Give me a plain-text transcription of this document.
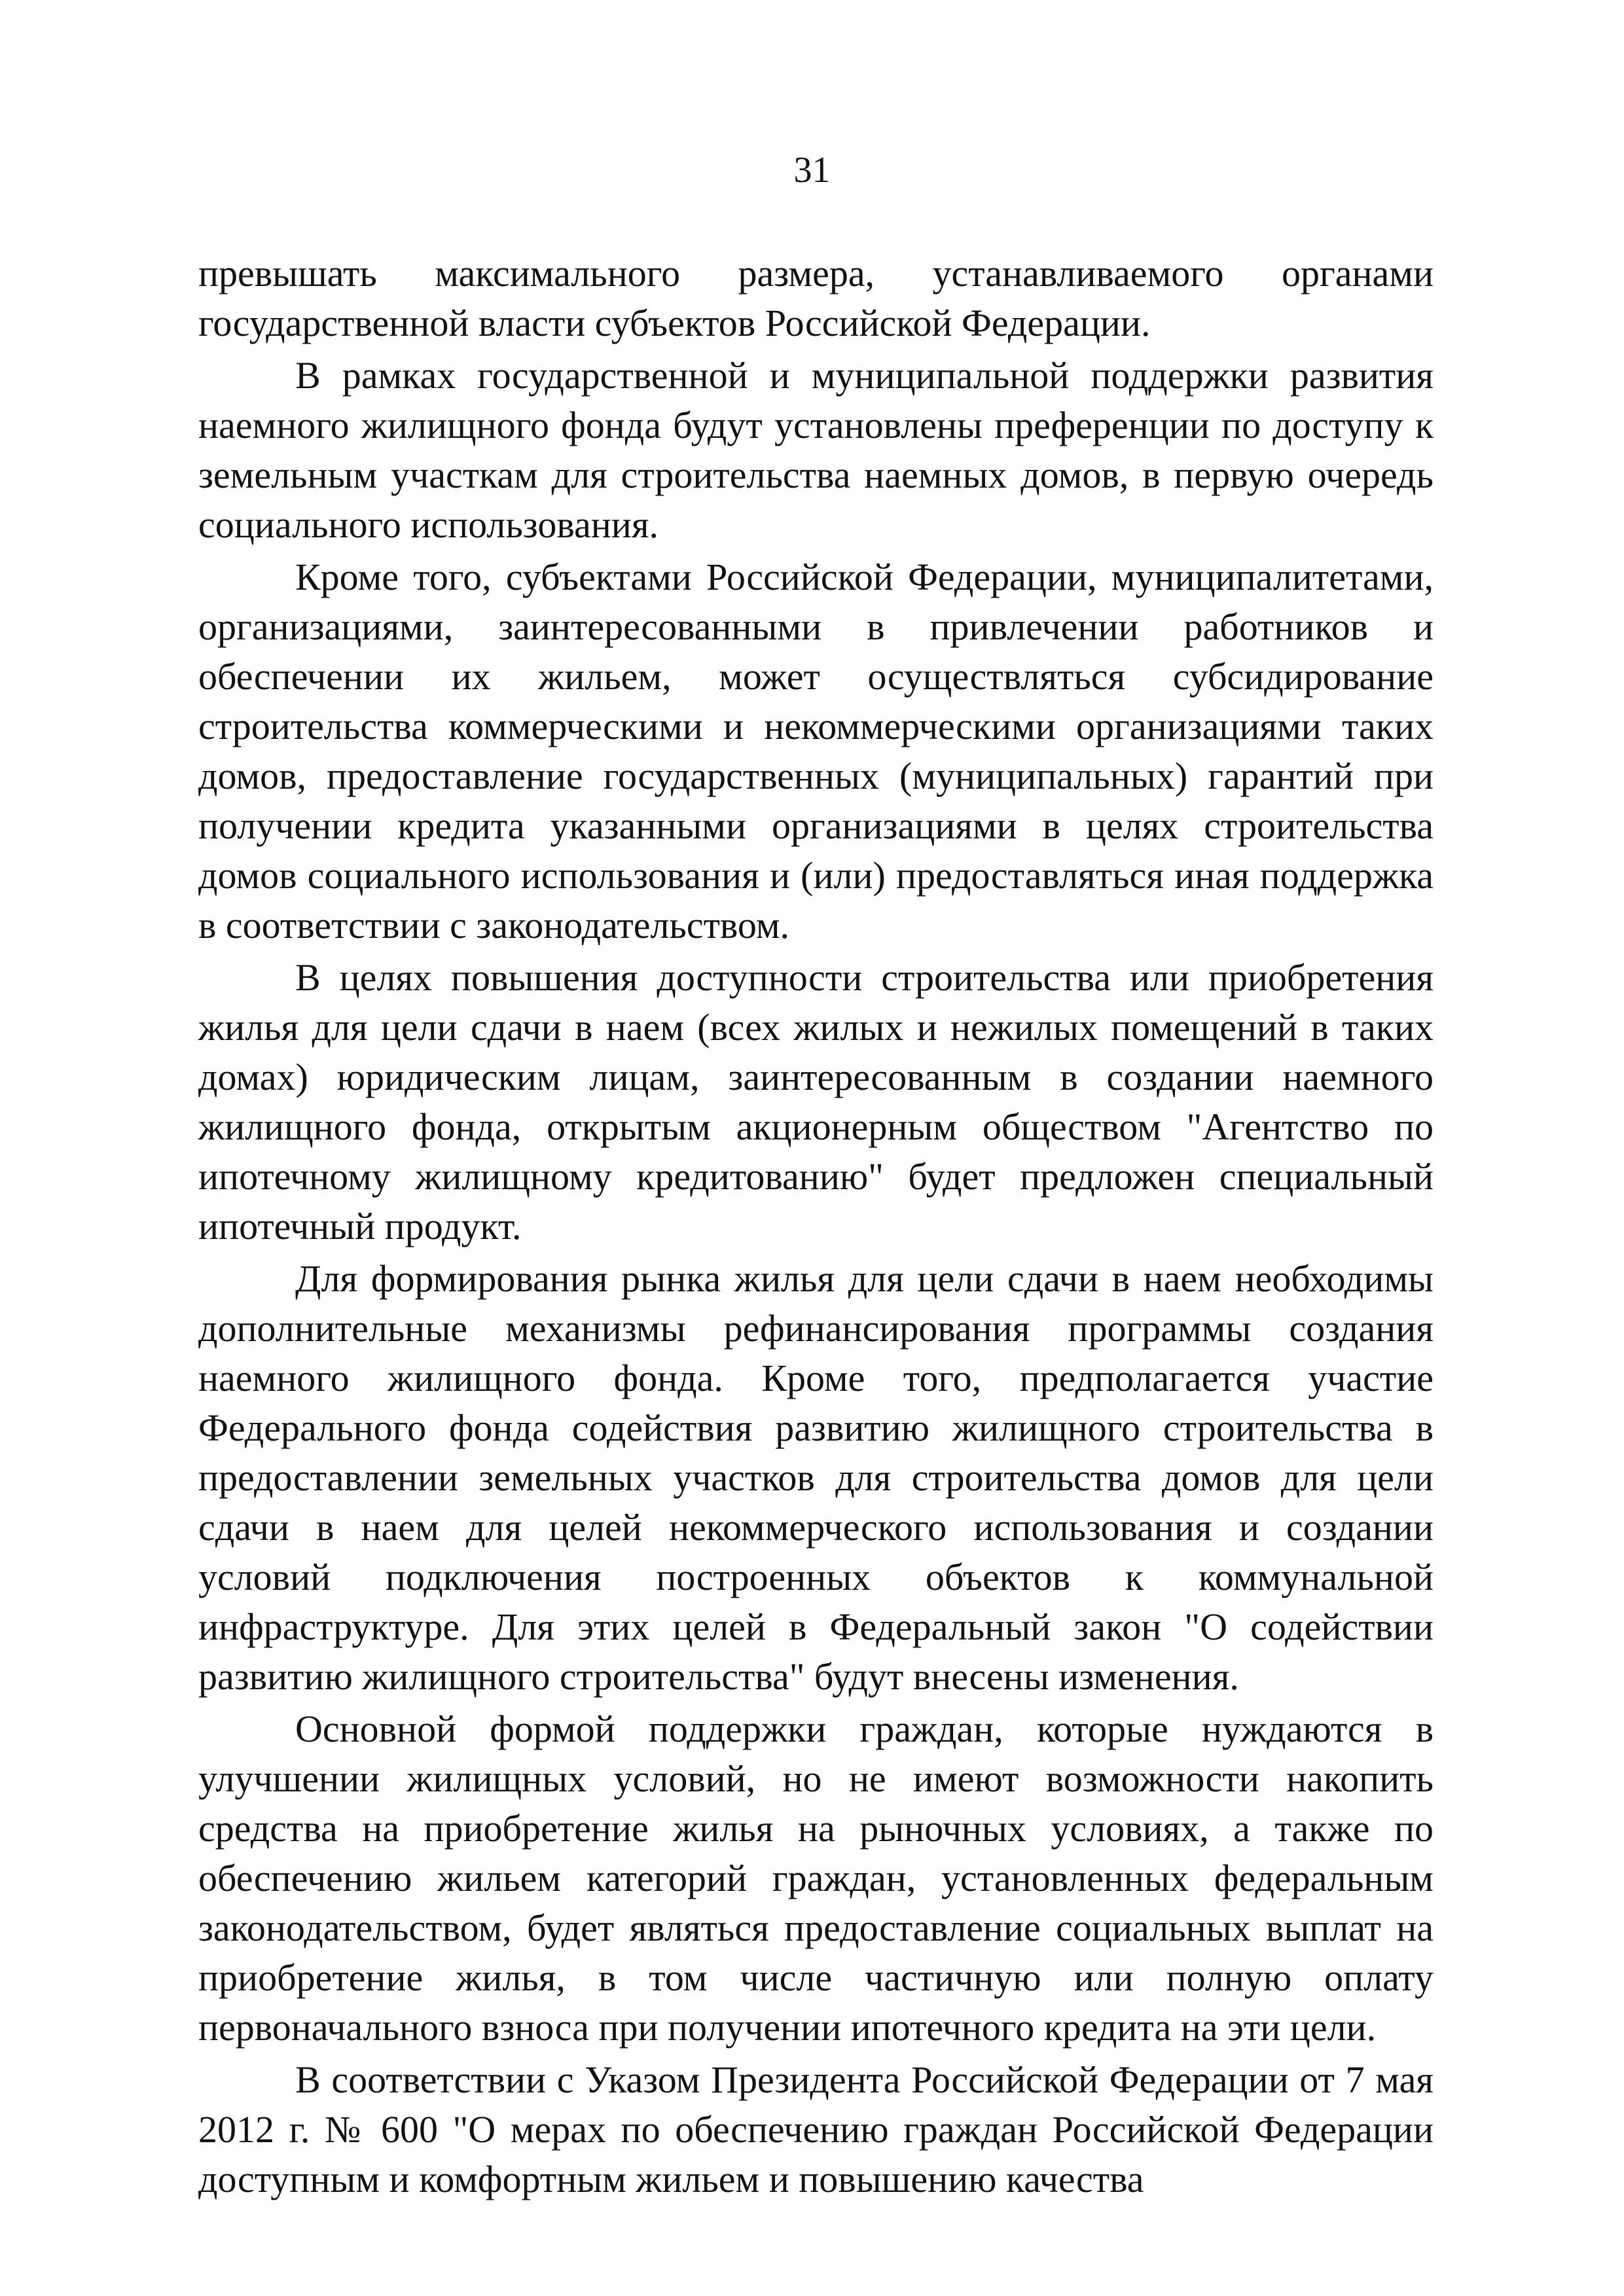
31

превышать максимального размера, устанавливаемого органами государственной власти субъектов Российской Федерации.

В рамках государственной и муниципальной поддержки развития наемного жилищного фонда будут установлены преференции по доступу к земельным участкам для строительства наемных домов, в первую очередь социального использования.

Кроме того, субъектами Российской Федерации, муниципалитетами, организациями, заинтересованными в привлечении работников и обеспечении их жильем, может осуществляться субсидирование строительства коммерческими и некоммерческими организациями таких домов, предоставление государственных (муниципальных) гарантий при получении кредита указанными организациями в целях строительства домов социального использования и (или) предоставляться иная поддержка в соответствии с законодательством.

В целях повышения доступности строительства или приобретения жилья для цели сдачи в наем (всех жилых и нежилых помещений в таких домах) юридическим лицам, заинтересованным в создании наемного жилищного фонда, открытым акционерным обществом "Агентство по ипотечному жилищному кредитованию" будет предложен специальный ипотечный продукт.

Для формирования рынка жилья для цели сдачи в наем необходимы дополнительные механизмы рефинансирования программы создания наемного жилищного фонда. Кроме того, предполагается участие Федерального фонда содействия развитию жилищного строительства в предоставлении земельных участков для строительства домов для цели сдачи в наем для целей некоммерческого использования и создании условий подключения построенных объектов к коммунальной инфраструктуре. Для этих целей в Федеральный закон "О содействии развитию жилищного строительства" будут внесены изменения.

Основной формой поддержки граждан, которые нуждаются в улучшении жилищных условий, но не имеют возможности накопить средства на приобретение жилья на рыночных условиях, а также по обеспечению жильем категорий граждан, установленных федеральным законодательством, будет являться предоставление социальных выплат на приобретение жилья, в том числе частичную или полную оплату первоначального взноса при получении ипотечного кредита на эти цели.

В соответствии с Указом Президента Российской Федерации от 7 мая 2012 г. № 600 "О мерах по обеспечению граждан Российской Федерации доступным и комфортным жильем и повышению качества
